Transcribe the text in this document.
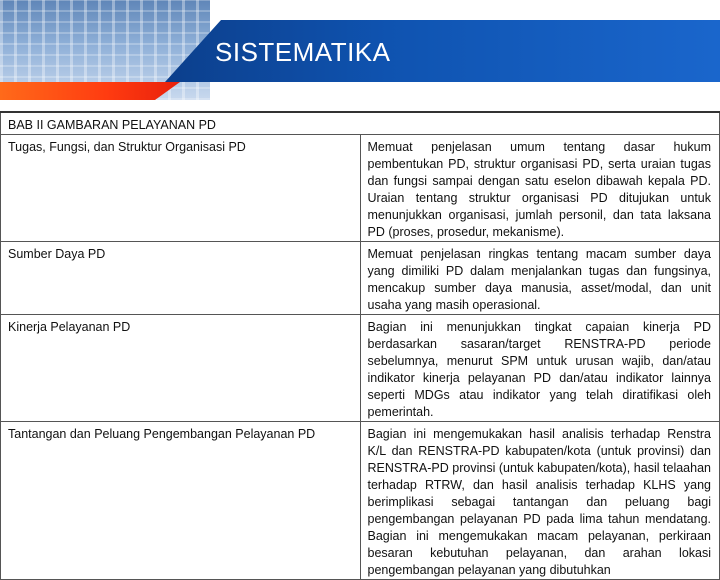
SISTEMATIKA
BAB II GAMBARAN PELAYANAN PD	
Tugas, Fungsi, dan Struktur Organisasi PD	Memuat penjelasan umum tentang dasar hukum pembentukan PD, struktur organisasi PD, serta uraian tugas dan fungsi sampai dengan satu eselon dibawah kepala PD. Uraian tentang struktur organisasi PD ditujukan untuk menunjukkan organisasi, jumlah personil, dan tata laksana PD (proses, prosedur, mekanisme).
Sumber Daya PD	Memuat penjelasan ringkas tentang macam sumber daya yang dimiliki PD dalam menjalankan tugas dan fungsinya, mencakup sumber daya manusia, asset/modal, dan unit usaha yang masih operasional.
Kinerja Pelayanan PD	Bagian ini menunjukkan tingkat capaian kinerja PD berdasarkan sasaran/target RENSTRA-PD periode sebelumnya, menurut SPM untuk urusan wajib, dan/atau indikator kinerja pelayanan PD dan/atau indikator lainnya seperti MDGs atau indikator yang telah diratifikasi oleh pemerintah.
Tantangan dan Peluang Pengembangan Pelayanan PD	Bagian ini mengemukakan hasil analisis terhadap Renstra K/L dan RENSTRA-PD kabupaten/kota (untuk provinsi) dan RENSTRA-PD provinsi (untuk kabupaten/kota), hasil telaahan terhadap RTRW, dan hasil analisis terhadap KLHS yang berimplikasi sebagai tantangan dan peluang bagi pengembangan pelayanan PD pada lima tahun mendatang. Bagian ini mengemukakan macam pelayanan, perkiraan besaran kebutuhan pelayanan, dan arahan lokasi pengembangan pelayanan yang dibutuhkan
